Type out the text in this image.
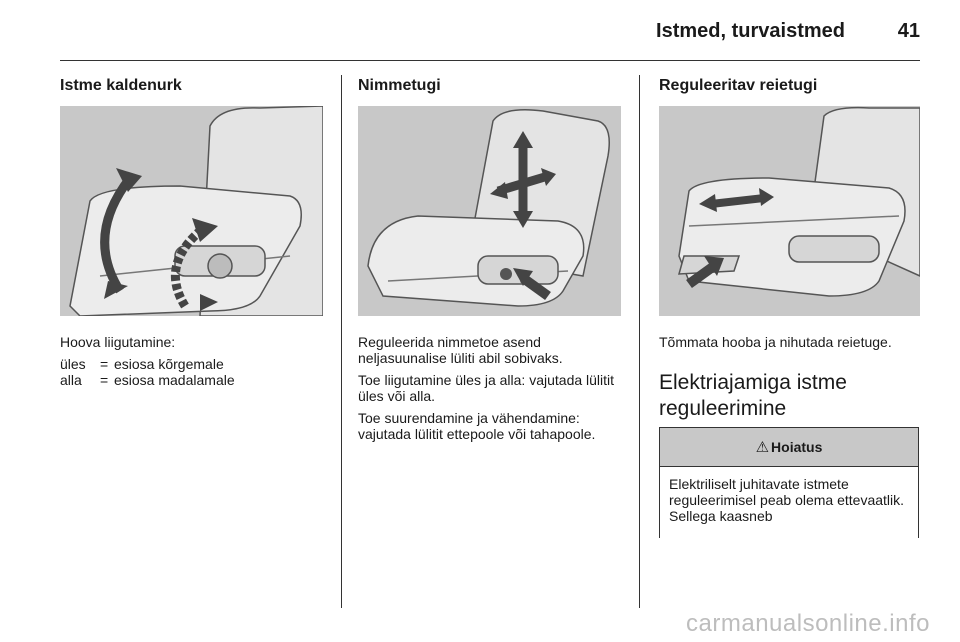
Istmed, turvaistmed	41
Istme kaldenurk

Hoova liigutamine:

üles	= esiosa kõrgemale
alla	= esiosa madalamale
Nimmetugi

Reguleerida nimmetoe asend neljasuunalise lüliti abil sobivaks.

Toe liigutamine üles ja alla: vajutada lülitit üles või alla.

Toe suurendamine ja vähendamine: vajutada lülitit ettepoole või tahapoole.

Reguleeritav reietugi
Tõmmata hooba ja nihutada reietuge.
Elektriajamiga istme reguleerimine
⚠ Hoiatus
Elektriliselt juhitavate istmete reguleerimisel peab olema ettevaatlik. Sellega kaasneb
carmanualsonline.info
